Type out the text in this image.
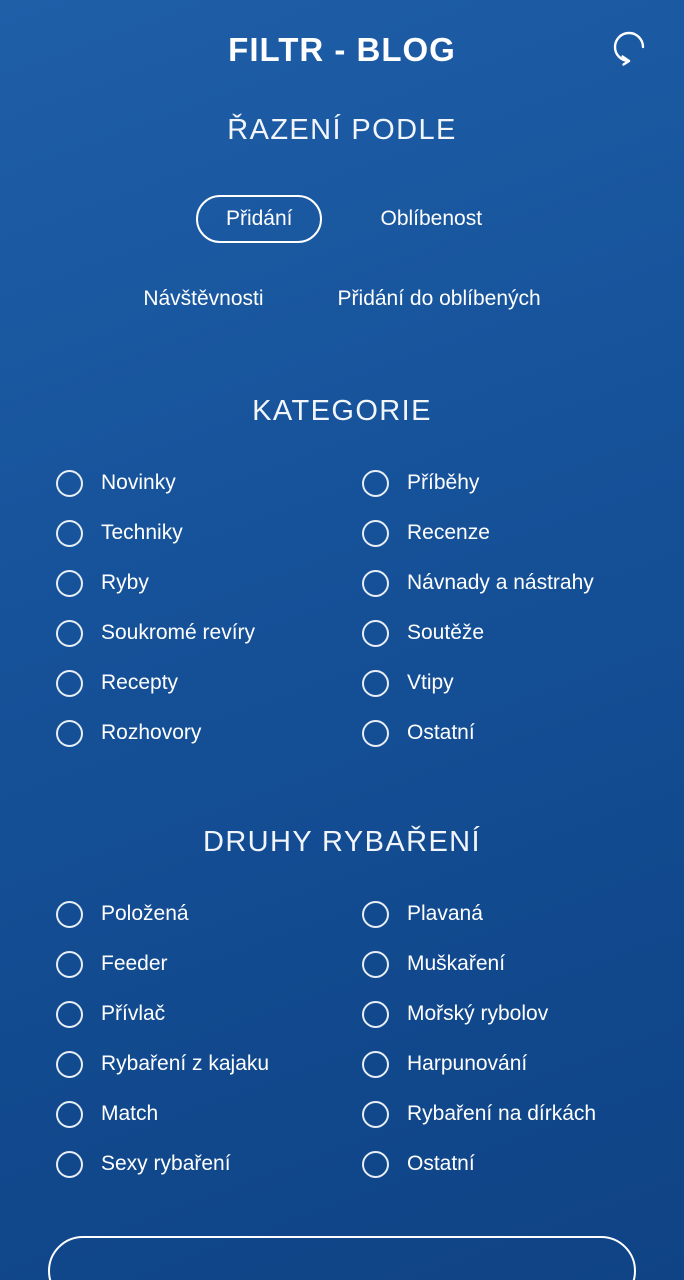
FILTR - BLOG
ŘAZENÍ PODLE
Přidání	Oblíbenost
Návštěvnosti	Přidání do oblíbených
KATEGORIE
Novinky	Příběhy
Techniky	Recenze
Ryby	Návnady a nástrahy
Soukromé revíry	Soutěže
Recepty	Vtipy
Rozhovory	Ostatní
DRUHY RYBAŘENÍ
Položená	Plavaná
Feeder	Muškaření
Přívlač	Mořský rybolov
Rybaření z kajaku	Harpunování
Match	Rybaření na dírkách
Sexy rybaření	Ostatní
